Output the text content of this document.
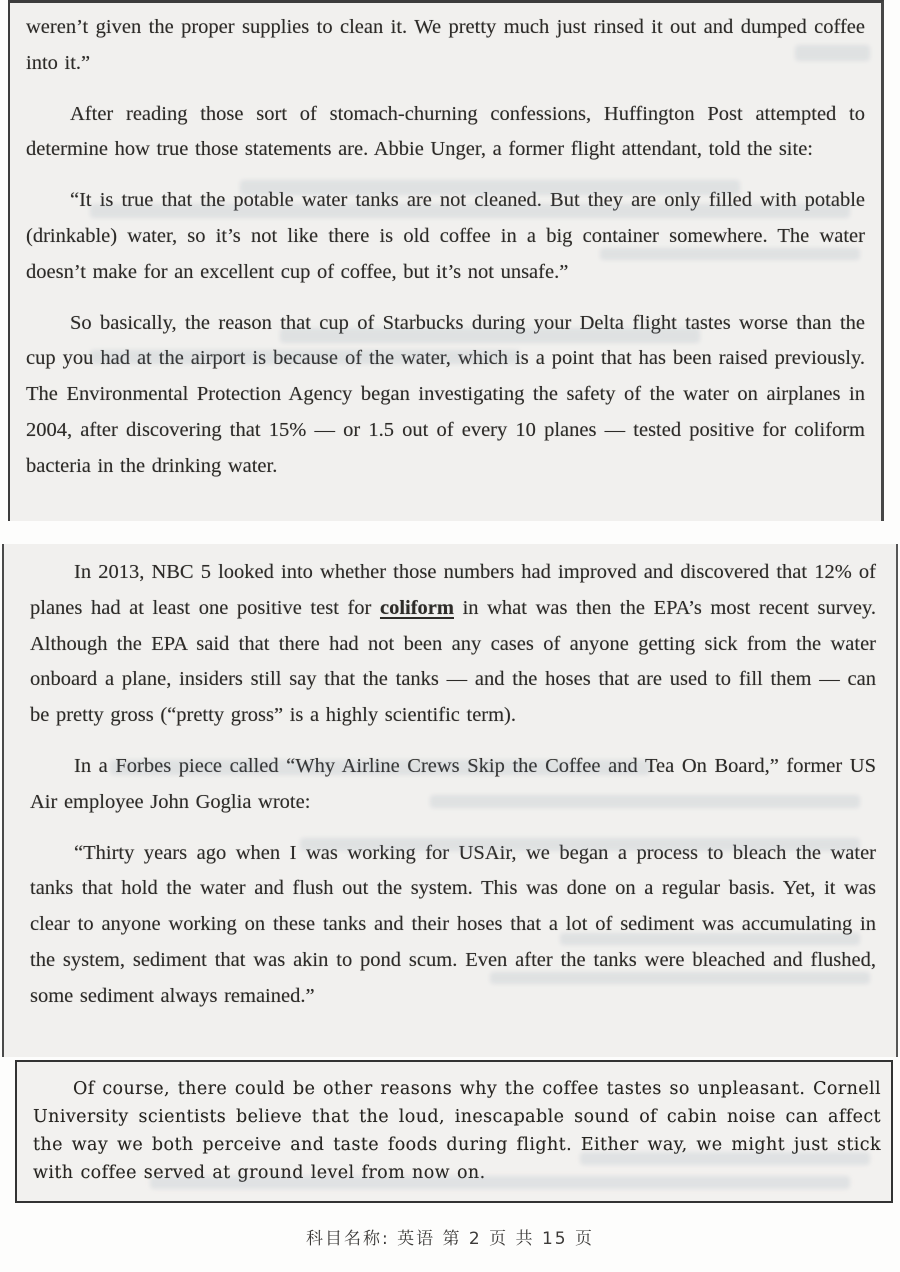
weren’t given the proper supplies to clean it. We pretty much just rinsed it out and dumped coffee into it.”

After reading those sort of stomach-churning confessions, Huffington Post attempted to determine how true those statements are. Abbie Unger, a former flight attendant, told the site:

“It is true that the potable water tanks are not cleaned. But they are only filled with potable (drinkable) water, so it’s not like there is old coffee in a big container somewhere. The water doesn’t make for an excellent cup of coffee, but it’s not unsafe.”

So basically, the reason that cup of Starbucks during your Delta flight tastes worse than the cup you had at the airport is because of the water, which is a point that has been raised previously. The Environmental Protection Agency began investigating the safety of the water on airplanes in 2004, after discovering that 15% — or 1.5 out of every 10 planes — tested positive for coliform bacteria in the drinking water.

In 2013, NBC 5 looked into whether those numbers had improved and discovered that 12% of planes had at least one positive test for coliform in what was then the EPA’s most recent survey. Although the EPA said that there had not been any cases of anyone getting sick from the water onboard a plane, insiders still say that the tanks — and the hoses that are used to fill them — can be pretty gross (“pretty gross” is a highly scientific term).

In a Forbes piece called “Why Airline Crews Skip the Coffee and Tea On Board,” former US Air employee John Goglia wrote:

“Thirty years ago when I was working for USAir, we began a process to bleach the water tanks that hold the water and flush out the system. This was done on a regular basis. Yet, it was clear to anyone working on these tanks and their hoses that a lot of sediment was accumulating in the system, sediment that was akin to pond scum. Even after the tanks were bleached and flushed, some sediment always remained.”

Of course, there could be other reasons why the coffee tastes so unpleasant. Cornell University scientists believe that the loud, inescapable sound of cabin noise can affect the way we both perceive and taste foods during flight. Either way, we might just stick with coffee served at ground level from now on.

科目名称: 英语 第 2 页 共 15 页
